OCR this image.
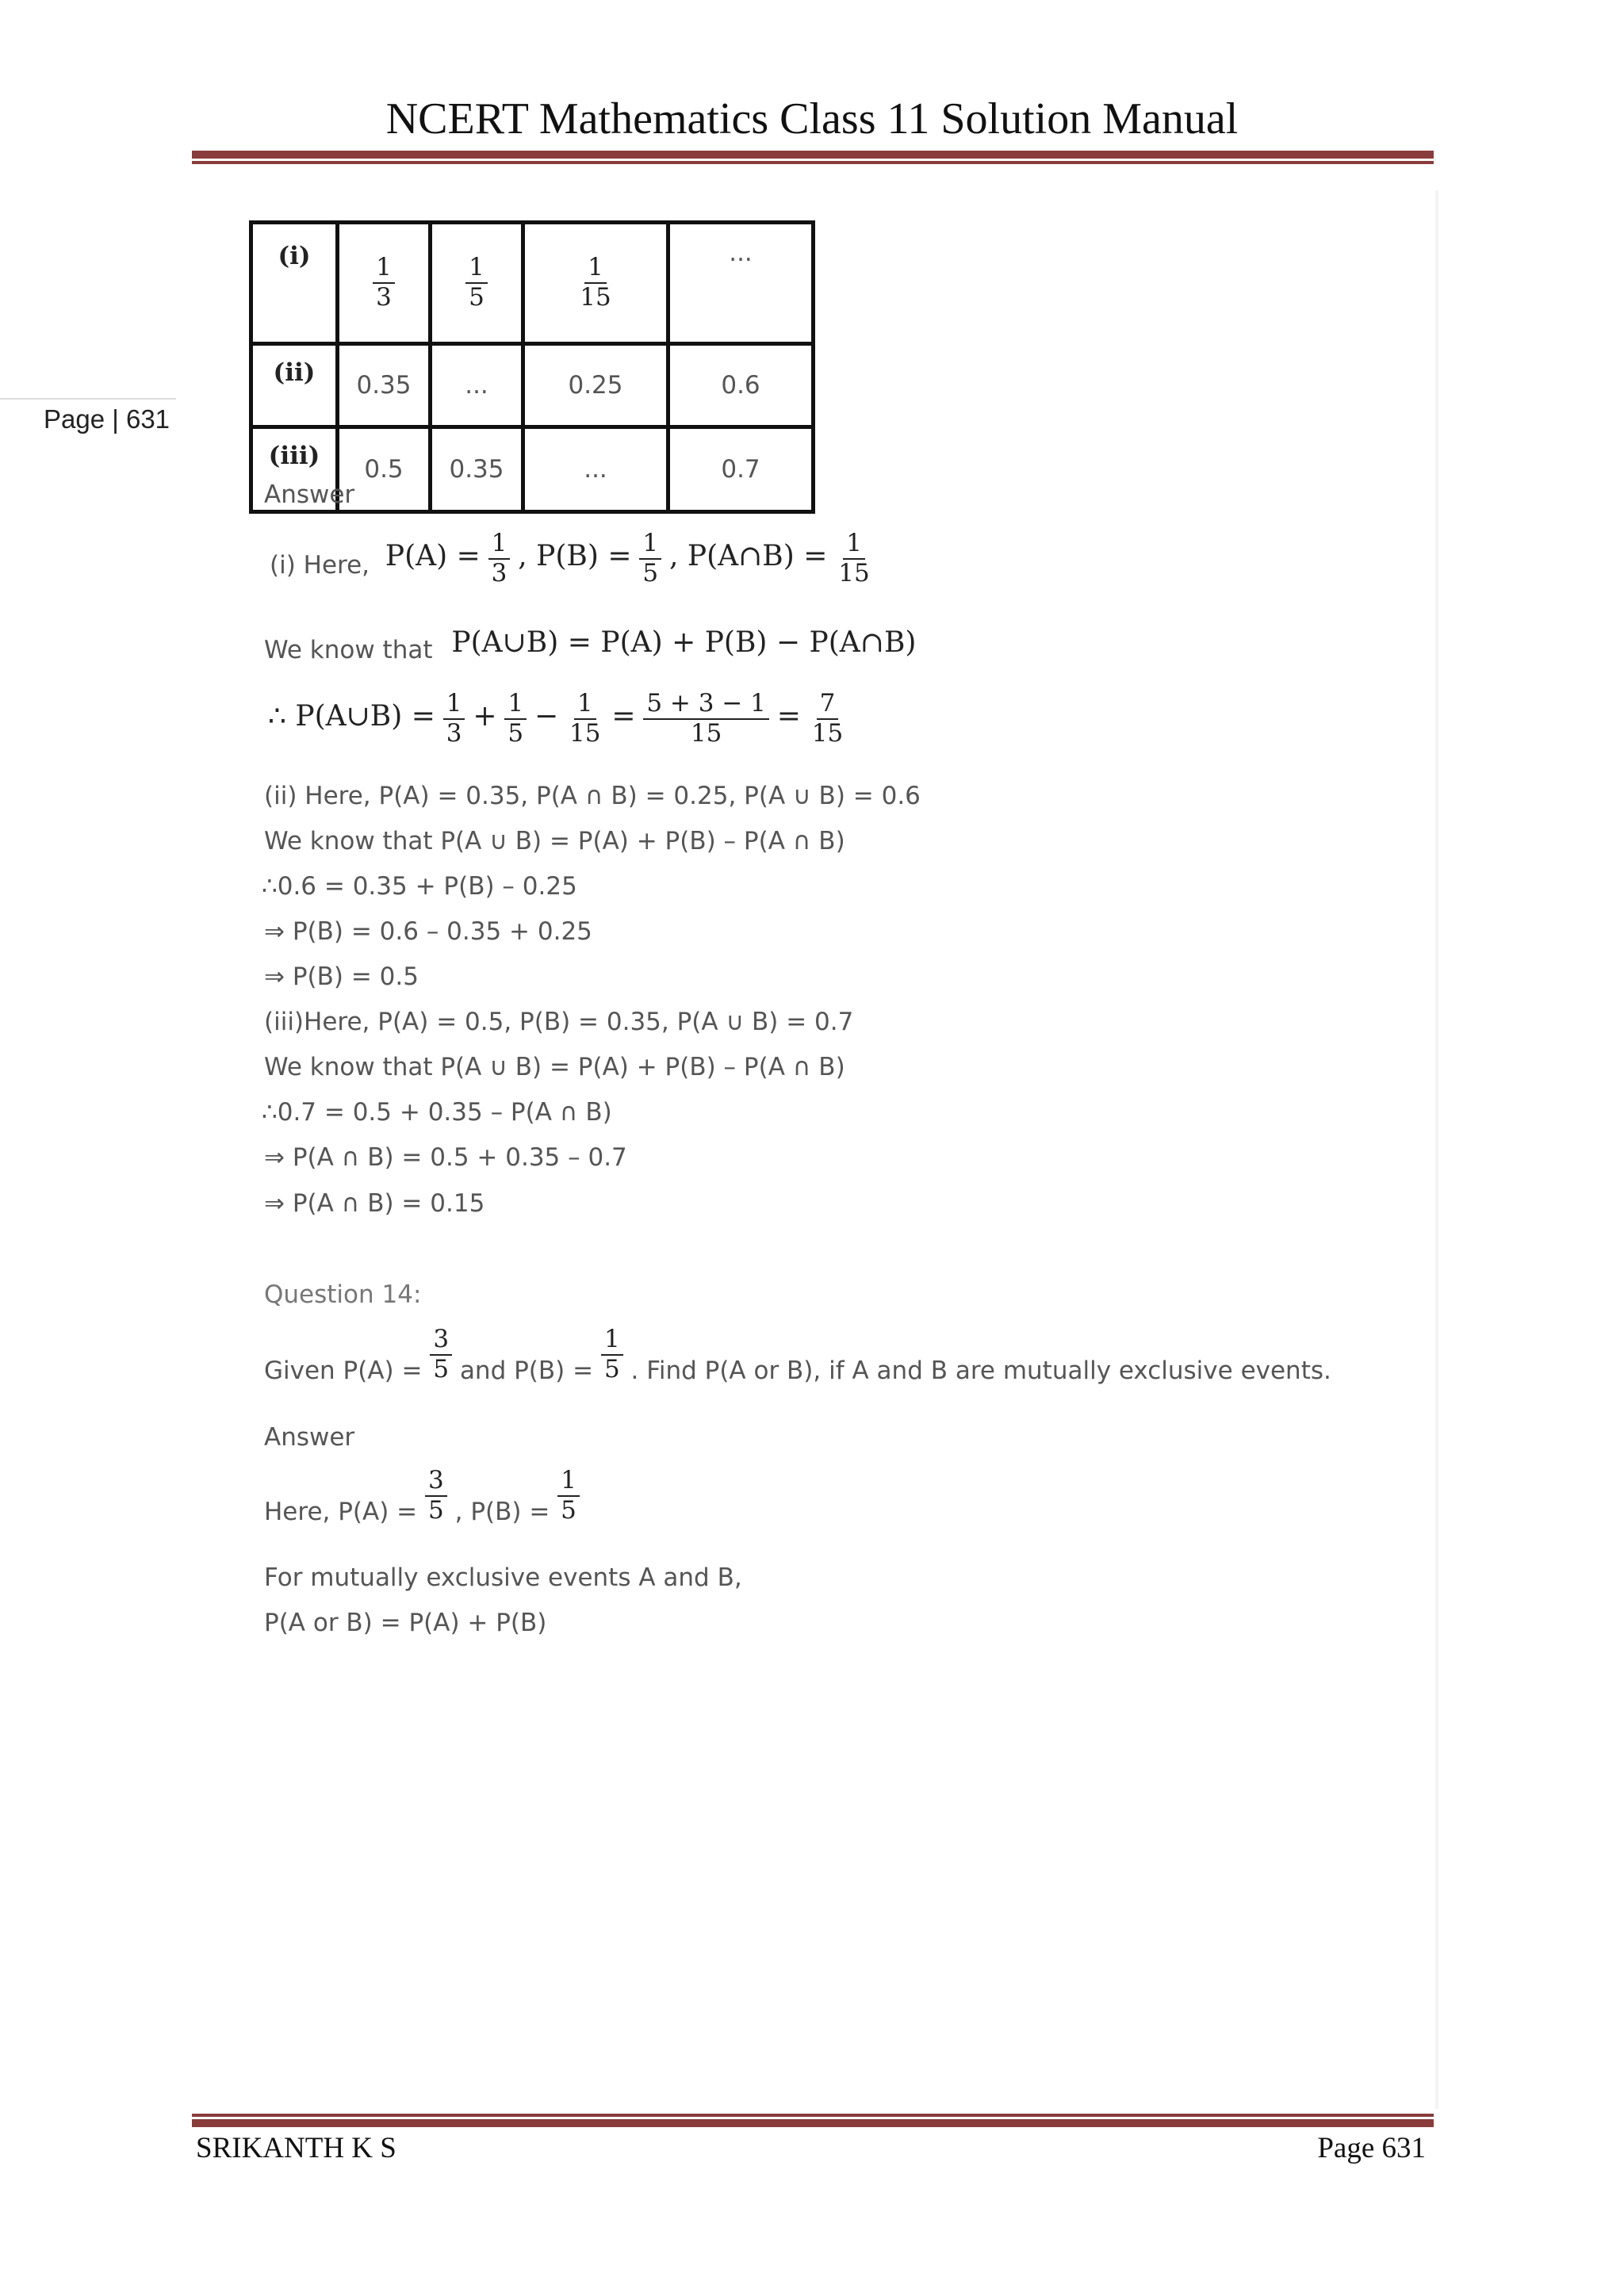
NCERT Mathematics Class 11 Solution Manual
Page | 631
(i)	$\frac{1}{3}$	$\frac{1}{5}$	$\frac{1}{15}$	...
(ii)	0.35	...	0.25	0.6
(iii)	0.5	0.35	...	0.7
Answer
(i) Here, $P(A) = \frac{1}{3}$ , $P(B) = \frac{1}{5}$ , P(A∩B) = $\frac{1}{15}$
We know that P(A∪B) = P(A) + P(B) − P(A∩B)
∴ P(A∪B) = $\frac{1}{3} + \frac{1}{5} - \frac{1}{15} = \frac{5 + 3 - 1}{15} = \frac{7}{15}$
(ii) Here, P(A) = 0.35, P(A ∩ B) = 0.25, P(A ∪ B) = 0.6
We know that P(A ∪ B) = P(A) + P(B) – P(A ∩ B)
∴0.6 = 0.35 + P(B) – 0.25
⇒ P(B) = 0.6 – 0.35 + 0.25
⇒ P(B) = 0.5
(iii)Here, P(A) = 0.5, P(B) = 0.35, P(A ∪ B) = 0.7
We know that P(A ∪ B) = P(A) + P(B) – P(A ∩ B)
∴0.7 = 0.5 + 0.35 – P(A ∩ B)
⇒ P(A ∩ B) = 0.5 + 0.35 – 0.7
⇒ P(A ∩ B) = 0.15
Question 14:
Given $P(A) = \frac{3}{5}$ and $P(B) = \frac{1}{5}$ . Find P(A or B), if A and B are mutually exclusive events.
Answer
Here, $P(A) = \frac{3}{5}$ , $P(B) = \frac{1}{5}$
For mutually exclusive events A and B,
P(A or B) = P(A) + P(B)
SRIKANTH K S	Page 631
